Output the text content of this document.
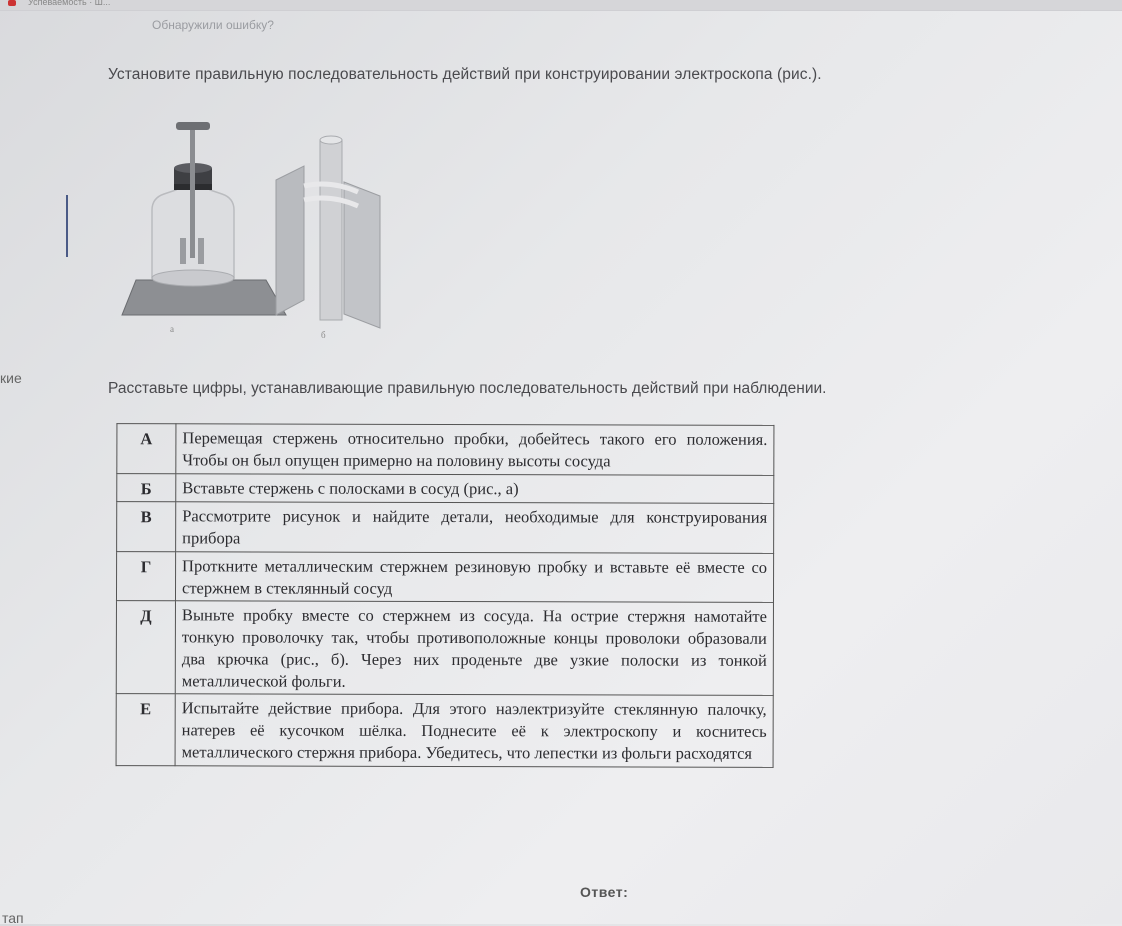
Успеваемость · Ш...
Обнаружили ошибку?
кие
тап
Установите правильную последовательность действий при конструировании электроскопа (рис.).
а
б
Расставьте цифры, устанавливающие правильную последовательность действий при наблюдении.
А	Перемещая стержень относительно пробки, добейтесь такого его положения. Чтобы он был опущен примерно на половину высоты сосуда
Б	Вставьте стержень с полосками в сосуд (рис., а)
В	Рассмотрите рисунок и найдите детали, необходимые для конструирования прибора
Г	Проткните металлическим стержнем резиновую пробку и вставьте её вместе со стержнем в стеклянный сосуд
Д	Выньте пробку вместе со стержнем из сосуда. На острие стержня намотайте тонкую проволочку так, чтобы противоположные концы проволоки образовали два крючка (рис., б). Через них проденьте две узкие полоски из тонкой металлической фольги.
Е	Испытайте действие прибора. Для этого наэлектризуйте стеклянную палочку, натерев её кусочком шёлка. Поднесите её к электроскопу и коснитесь металлического стержня прибора. Убедитесь, что лепестки из фольги расходятся
Ответ:
